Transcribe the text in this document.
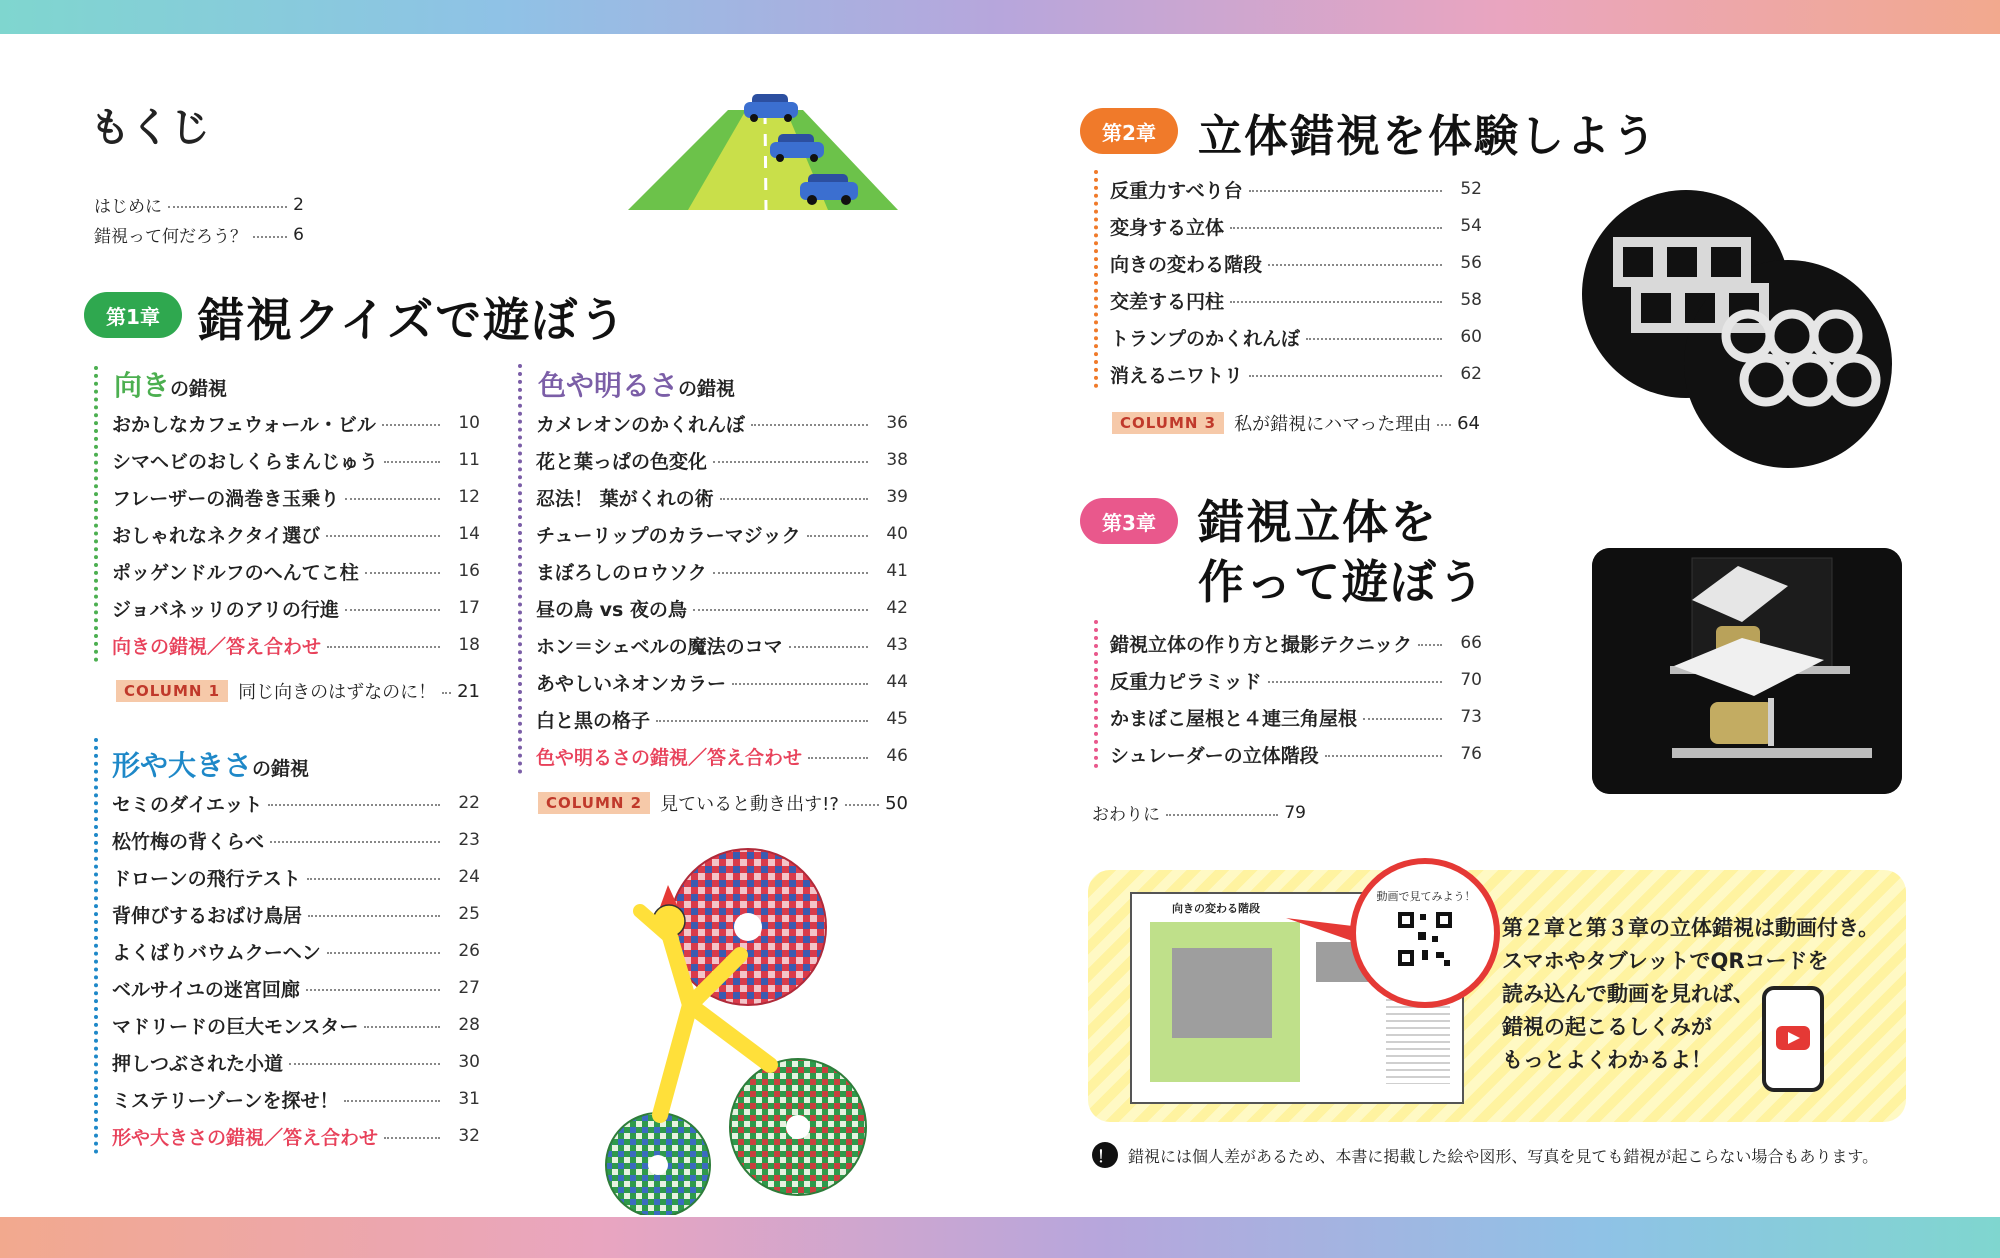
もくじ
はじめに	2
錯視って何だろう？	6
第1章 錯視クイズで遊ぼう
向きの錯視
おかしなカフェウォール・ビル	10
シマヘビのおしくらまんじゅう	11
フレーザーの渦巻き玉乗り	12
おしゃれなネクタイ選び	14
ポッゲンドルフのへんてこ柱	16
ジョバネッリのアリの行進	17
向きの錯視／答え合わせ	18
COLUMN 1	同じ向きのはずなのに！ 21
形や大きさの錯視
セミのダイエット	22
松竹梅の背くらべ	23
ドローンの飛行テスト	24
背伸びするおばけ鳥居	25
よくばりバウムクーヘン	26
ベルサイユの迷宮回廊	27
マドリードの巨大モンスター	28
押しつぶされた小道	30
ミステリーゾーンを探せ！	31
形や大きさの錯視／答え合わせ	32
色や明るさの錯視
カメレオンのかくれんぼ	36
花と葉っぱの色変化	38
忍法！ 葉がくれの術	39
チューリップのカラーマジック	40
まぼろしのロウソク	41
昼の鳥 vs 夜の鳥	42
ホン＝シェベルの魔法のコマ	43
あやしいネオンカラー	44
白と黒の格子	45
色や明るさの錯視／答え合わせ	46
COLUMN 2	見ていると動き出す!?	50
第2章 立体錯視を体験しよう
反重力すべり台	52
変身する立体	54
向きの変わる階段	56
交差する円柱	58
トランプのかくれんぼ	60
消えるニワトリ	62
COLUMN 3	私が錯視にハマった理由 64
第3章 錯視立体を
作って遊ぼう
錯視立体の作り方と撮影テクニック	66
反重力ピラミッド	70
かまぼこ屋根と４連三角屋根	73
シュレーダーの立体階段	76
おわりに	79
向きの変わる階段
動画で見てみよう！
第２章と第３章の立体錯視は動画付き。
スマホやタブレットでQRコードを
読み込んで動画を見れば、
錯視の起こるしくみが
もっとよくわかるよ！
！ 錯視には個人差があるため、本書に掲載した絵や図形、写真を見ても錯視が起こらない場合もあります。
